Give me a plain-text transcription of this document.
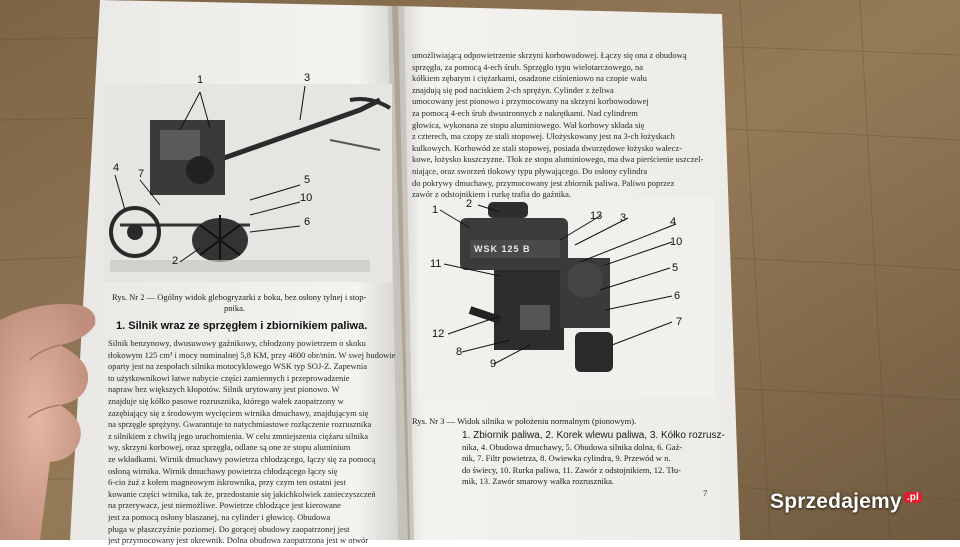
1	3
4 7	5
10
6
2
Rys. Nr 2 — Ogólny widok glebogryzarki z boku, bez osłony tylnej i stop-
pnika.
1. Silnik wraz ze sprzęgłem i zbiornikiem paliwa.
Silnik benzynowy, dwusuwowy gaźnikowy, chłodzony powietrzem o skoku
tłokowym 125 cm³ i mocy nominalnej 5,8 KM, przy 4600 obr/min. W swej budowie
oparty jest na zespołach silnika motocyklowego WSK typ SOJ-Z. Zapewnia
to użytkownikowi łatwe nabycie części zamiennych i przeprowadzenie
napraw bez większych kłopotów. Silnik urytowany jest pionowo. W
znajduje się kółko pasowe rozrusznika, którego wałek zaopatrzony w
zazębiający się z środowym wycięciem wirnika dmuchawy, znajdującym się
na sprzęgle sprężyny. Gwarantuje to natychmiastowe rozłączenie rozrusznika
z silnikiem z chwilą jego uruchomienia. W celu zmniejszenia ciężaru silnika
wy, skrzyni korbowej, oraz sprzęgła, odlane są one ze stopu aluminium
ze wkładkami. Wirnik dmuchawy powietrza chłodzącego, łączy się za pomocą
osłoną wirnika. Wirnik dmuchawy powietrza chłodzącego łączy się
6-cio żuż z kołem magneowym iskrownika, przy czym ten ostatni jest
kowanie części wirnika, tak że, przedostanie się jakichkolwiek zanieczyszczeń
na przerywacz, jest niemożliwe. Powietrze chłodzące jest kierowane
jest za pomocą osłony blaszanej, na cylinder i głowicę. Obudowa
pługa w płaszczyźnie poziomej. Do gorącej obudowy zaopatrzonej jest
jest przymocowany jest okrewnik. Dolna obudowa zaopatrzona jest w otwór
umożliwiającą odpowietrzenie skrzyni korbowodowej. Łączy się ona z obudową
sprzęgła, za pomocą 4-ech śrub. Sprzęgło typu wielotarczowego, na
kółkiem zębatym i ciężarkami, osadzone ciśnieniowo na czopie wału
znajdują się pod naciskiem 2-ch sprężyn. Cylinder z żeliwa
umocowany jest pionowo i przymocowany na skrzyni korbowodowej
za pomocą 4-ech śrub dwustronnych z nakrętkami. Nad cylindrem
głowica, wykonana ze stopu aluminiowego. Wał korbowy składa się
z czterech, ma czopy ze stali stopowej. Ułożyskowany jest na 3-ch łożyskach
kulkowych. Korbowód ze stali stopowej, posiada dwurzędowe łożysko wałecz-
kowe, łożysko kuszczyzne. Tłok ze stopu aluminiowego, ma dwa pierścienie uszczel-
niające, oraz sworzeń tłokowy typu pływającego. Do osłony cylindra
do pokrywy dmuchawy, przymocowany jest zbiornik paliwa. Paliwo poprzez
zawór z odstojnikiem i rurkę trafia do gaźnika.
1	2
13 3	4
10
11	5
6
7
12
8
9
WSK 125 B
Rys. Nr 3 — Widok silnika w położeniu normalnym (pionowym).
1. Zbiornik paliwa, 2. Korek wlewu paliwa, 3. Kółko rozrusz-
nika, 4. Obudowa dmuchawy, 5. Obudowa silnika dolna, 6. Gaź-
nik, 7. Filtr powietrza, 8. Owiewka cylindra, 9. Przewód w n.
do świecy, 10. Rurka paliwa, 11. Zawór z odstojnikiem, 12. Tłu-
mik, 13. Zawór smarowy wałka rozrusznika.
7	Sprzedajemy .pl
